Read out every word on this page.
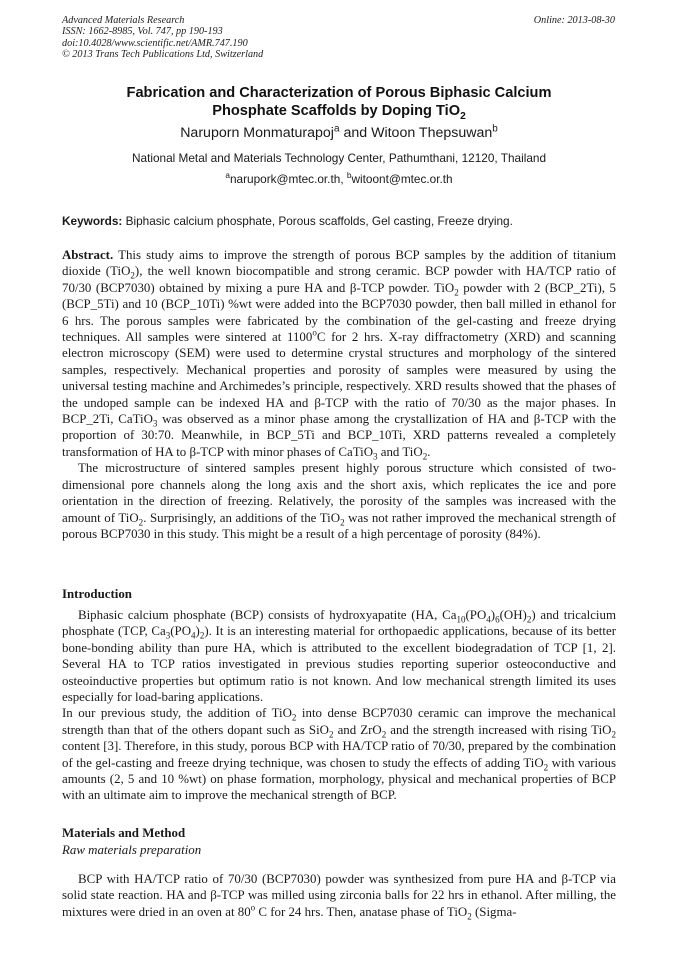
Advanced Materials Research
ISSN: 1662-8985, Vol. 747, pp 190-193
doi:10.4028/www.scientific.net/AMR.747.190
© 2013 Trans Tech Publications Ltd, Switzerland
Online: 2013-08-30
Fabrication and Characterization of Porous Biphasic Calcium
Phosphate Scaffolds by Doping TiO$_2$
Naruporn Monmaturapoj$^a$ and Witoon Thepsuwan$^b$
National Metal and Materials Technology Center, Pathumthani, 12120, Thailand
$^a$narupork@mtec.or.th, $^b$witoont@mtec.or.th
Keywords: Biphasic calcium phosphate, Porous scaffolds, Gel casting, Freeze drying.

Abstract. This study aims to improve the strength of porous BCP samples by the addition of titanium dioxide (TiO$_2$), the well known biocompatible and strong ceramic. BCP powder with HA/TCP ratio of 70/30 (BCP7030) obtained by mixing a pure HA and β-TCP powder. TiO$_2$ powder with 2 (BCP_2Ti), 5 (BCP_5Ti) and 10 (BCP_10Ti) %wt were added into the BCP7030 powder, then ball milled in ethanol for 6 hrs. The porous samples were fabricated by the combination of the gel-casting and freeze drying techniques. All samples were sintered at 1100$^o$C for 2 hrs. X-ray diffractometry (XRD) and scanning electron microscopy (SEM) were used to determine crystal structures and morphology of the sintered samples, respectively. Mechanical properties and porosity of samples were measured by using the universal testing machine and Archimedes’s principle, respectively. XRD results showed that the phases of the undoped sample can be indexed HA and β-TCP with the ratio of 70/30 as the major phases. In BCP_2Ti, CaTiO$_3$ was observed as a minor phase among the crystallization of HA and β-TCP with the proportion of 30:70. Meanwhile, in BCP_5Ti and BCP_10Ti, XRD patterns revealed a completely transformation of HA to β-TCP with minor phases of CaTiO$_3$ and TiO$_2$.

The microstructure of sintered samples present highly porous structure which consisted of two-dimensional pore channels along the long axis and the short axis, which replicates the ice and pore orientation in the direction of freezing. Relatively, the porosity of the samples was increased with the amount of TiO$_2$. Surprisingly, an additions of the TiO$_2$ was not rather improved the mechanical strength of porous BCP7030 in this study. This might be a result of a high percentage of porosity (84%).

Introduction

Biphasic calcium phosphate (BCP) consists of hydroxyapatite (HA, $Ca_{10}(PO_4)_6(OH)_2$) and tricalcium phosphate (TCP, $Ca_3(PO_4)_2$). It is an interesting material for orthopaedic applications, because of its better bone-bonding ability than pure HA, which is attributed to the excellent biodegradation of TCP [1, 2]. Several HA to TCP ratios investigated in previous studies reporting superior osteoconductive and osteoinductive properties but optimum ratio is not known. And low mechanical strength limited its uses especially for load-baring applications.

In our previous study, the addition of TiO$_2$ into dense BCP7030 ceramic can improve the mechanical strength than that of the others dopant such as SiO$_2$ and ZrO$_2$ and the strength increased with rising TiO$_2$ content [3]. Therefore, in this study, porous BCP with HA/TCP ratio of 70/30, prepared by the combination of the gel-casting and freeze drying technique, was chosen to study the effects of adding TiO$_2$ with various amounts (2, 5 and 10 %wt) on phase formation, morphology, physical and mechanical properties of BCP with an ultimate aim to improve the mechanical strength of BCP.

Materials and Method
Raw materials preparation

BCP with HA/TCP ratio of 70/30 (BCP7030) powder was synthesized from pure HA and β-TCP via solid state reaction. HA and β-TCP was milled using zirconia balls for 22 hrs in ethanol. After milling, the mixtures were dried in an oven at 80$^o$ C for 24 hrs. Then, anatase phase of TiO$_2$ (Sigma-
